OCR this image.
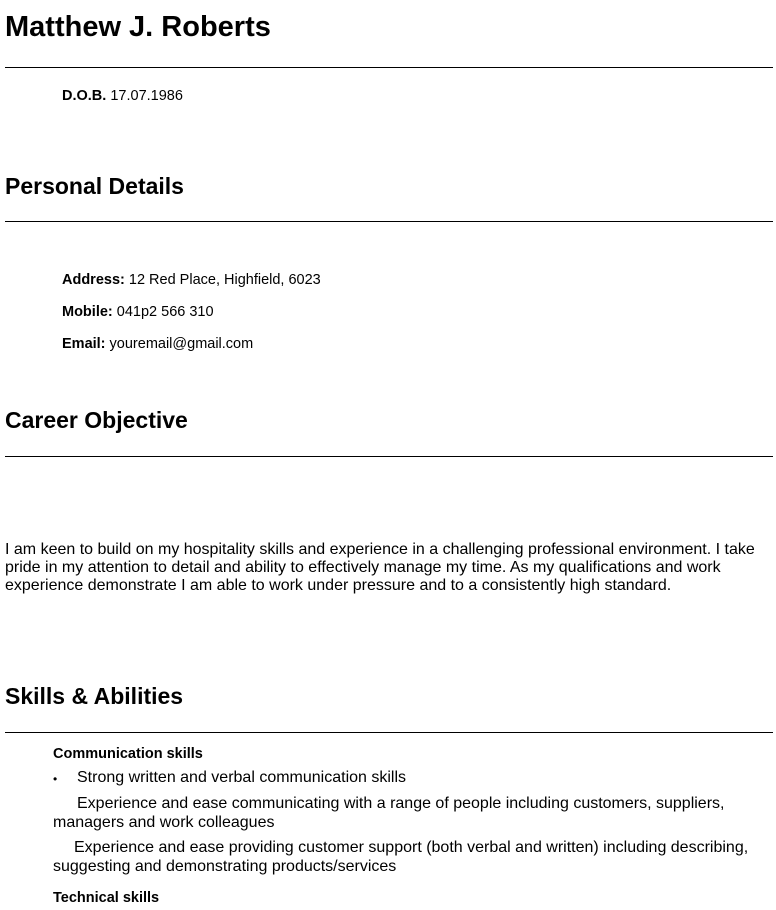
Matthew J. Roberts
D.O.B. 17.07.1986
Personal Details
Address: 12 Red Place, Highfield, 6023
Mobile: 041p2 566 310
Email: youremail@gmail.com
Career Objective
I am keen to build on my hospitality skills and experience in a challenging professional environment. I take pride in my attention to detail and ability to effectively manage my time. As my qualifications and work experience demonstrate I am able to work under pressure and to a consistently high standard.
Skills & Abilities
Communication skills
• Strong written and verbal communication skills
Experience and ease communicating with a range of people including customers, suppliers, managers and work colleagues
Experience and ease providing customer support (both verbal and written) including describing, suggesting and demonstrating products/services
Technical skills
